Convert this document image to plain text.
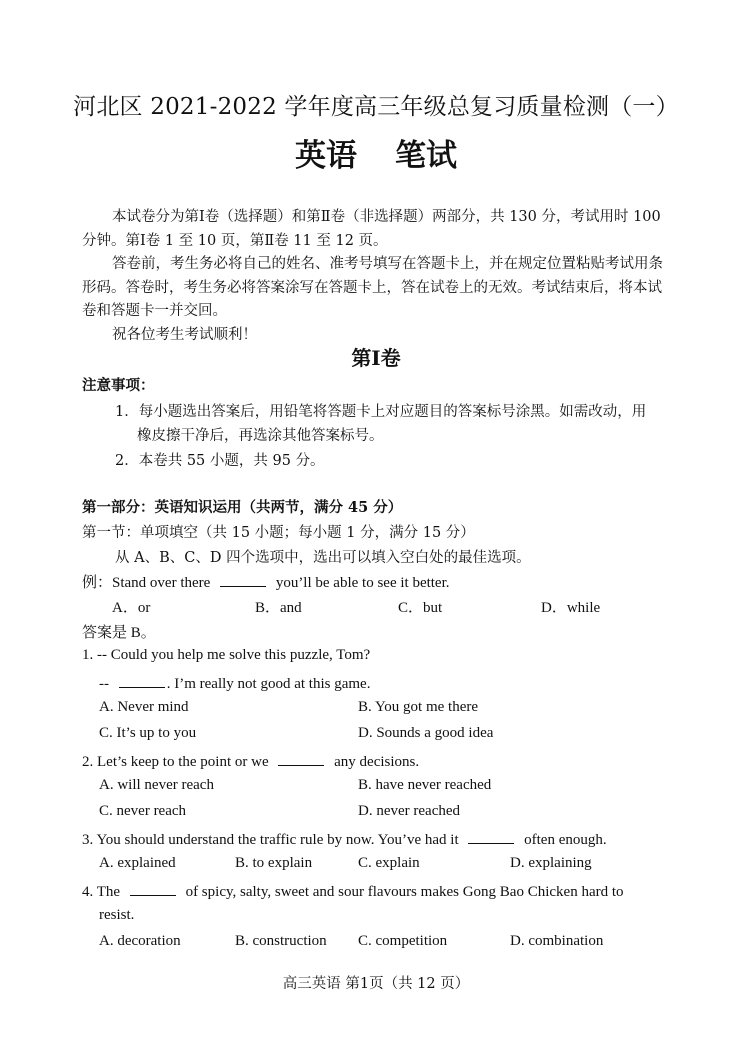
河北区 2021-2022 学年度高三年级总复习质量检测（一）
英语 笔试
本试卷分为第Ⅰ卷（选择题）和第Ⅱ卷（非选择题）两部分，共 130 分，考试用时 100 分钟。第Ⅰ卷 1 至 10 页，第Ⅱ卷 11 至 12 页。
答卷前，考生务必将自己的姓名、准考号填写在答题卡上，并在规定位置粘贴考试用条形码。答卷时，考生务必将答案涂写在答题卡上，答在试卷上的无效。考试结束后，将本试卷和答题卡一并交回。
祝各位考生考试顺利！
第Ⅰ卷
注意事项：
1．每小题选出答案后，用铅笔将答题卡上对应题目的答案标号涂黑。如需改动，用
橡皮擦干净后，再选涂其他答案标号。
2．本卷共 55 小题，共 95 分。
第一部分：英语知识运用（共两节，满分 45 分）
第一节：单项填空（共 15 小题；每小题 1 分，满分 15 分）
从 A、B、C、D 四个选项中，选出可以填入空白处的最佳选项。
例：Stand over there	you’ll be able to see it better.
A．or	B．and	C．but	D．while
答案是 B。
1. -- Could you help me solve this puzzle, Tom?
--	. I’m really not good at this game.
A. Never mind	B. You got me there
C. It’s up to you	D. Sounds a good idea
2. Let’s keep to the point or we	any decisions.
A. will never reach	B. have never reached
C. never reach	D. never reached
3. You should understand the traffic rule by now. You’ve had it	often enough.
A. explained	B. to explain	C. explain	D. explaining
4. The	of spicy, salty, sweet and sour flavours makes Gong Bao Chicken hard to
resist.
A. decoration	B. construction C. competition	D. combination
高三英语 第1页（共 12 页）
